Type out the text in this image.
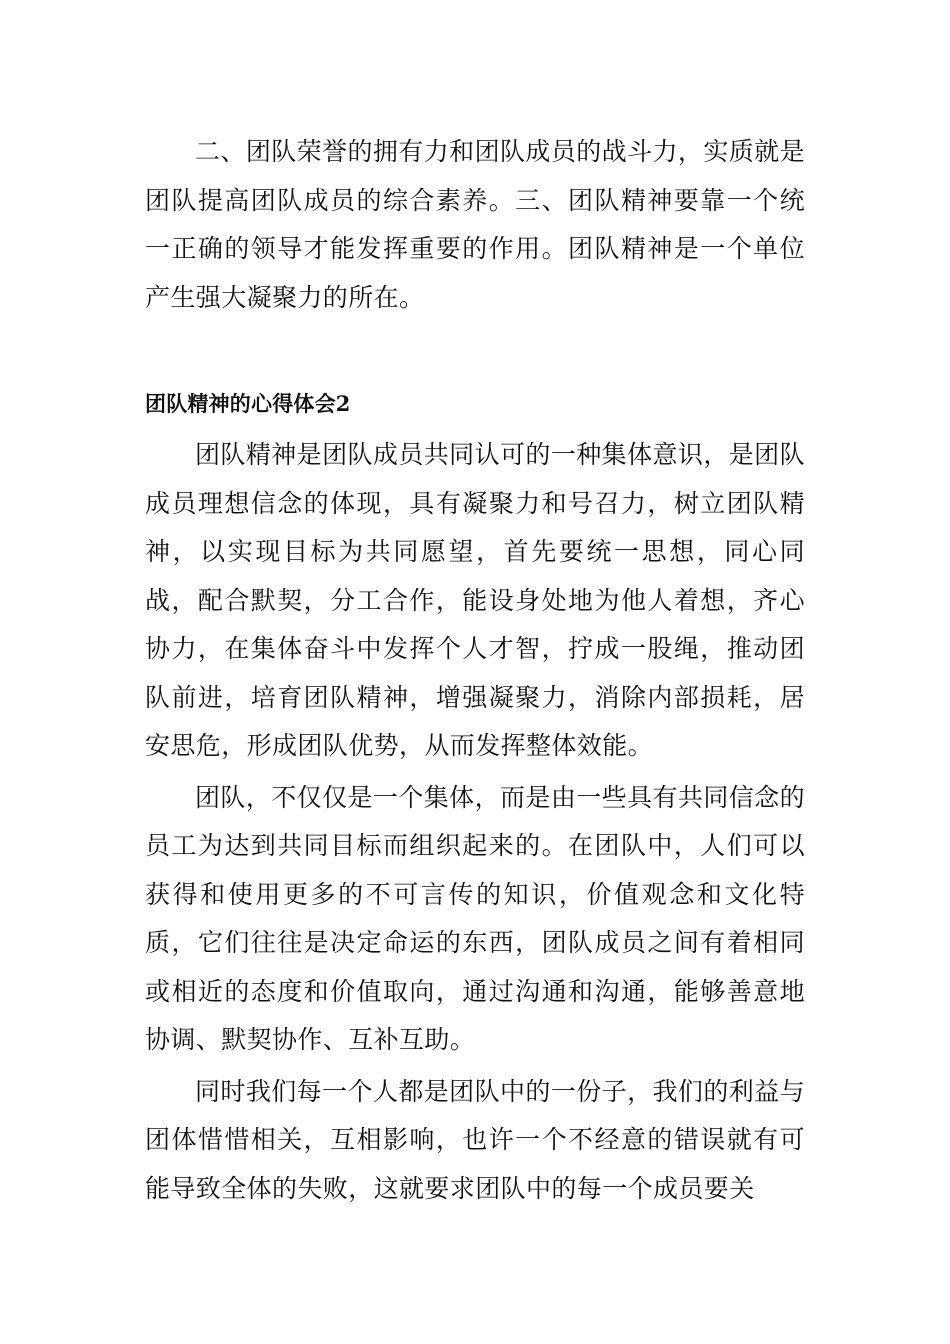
二、团队荣誉的拥有力和团队成员的战斗力，实质就是团队提高团队成员的综合素养。三、团队精神要靠一个统一正确的领导才能发挥重要的作用。团队精神是一个单位产生强大凝聚力的所在。

团队精神的心得体会2

团队精神是团队成员共同认可的一种集体意识，是团队成员理想信念的体现，具有凝聚力和号召力，树立团队精神，以实现目标为共同愿望，首先要统一思想，同心同战，配合默契，分工合作，能设身处地为他人着想，齐心协力，在集体奋斗中发挥个人才智，拧成一股绳，推动团队前进，培育团队精神，增强凝聚力，消除内部损耗，居安思危，形成团队优势，从而发挥整体效能。

团队，不仅仅是一个集体，而是由一些具有共同信念的员工为达到共同目标而组织起来的。在团队中，人们可以获得和使用更多的不可言传的知识，价值观念和文化特质，它们往往是决定命运的东西，团队成员之间有着相同或相近的态度和价值取向，通过沟通和沟通，能够善意地协调、默契协作、互补互助。

同时我们每一个人都是团队中的一份子，我们的利益与团体惜惜相关，互相影响，也许一个不经意的错误就有可能导致全体的失败，这就要求团队中的每一个成员要关
